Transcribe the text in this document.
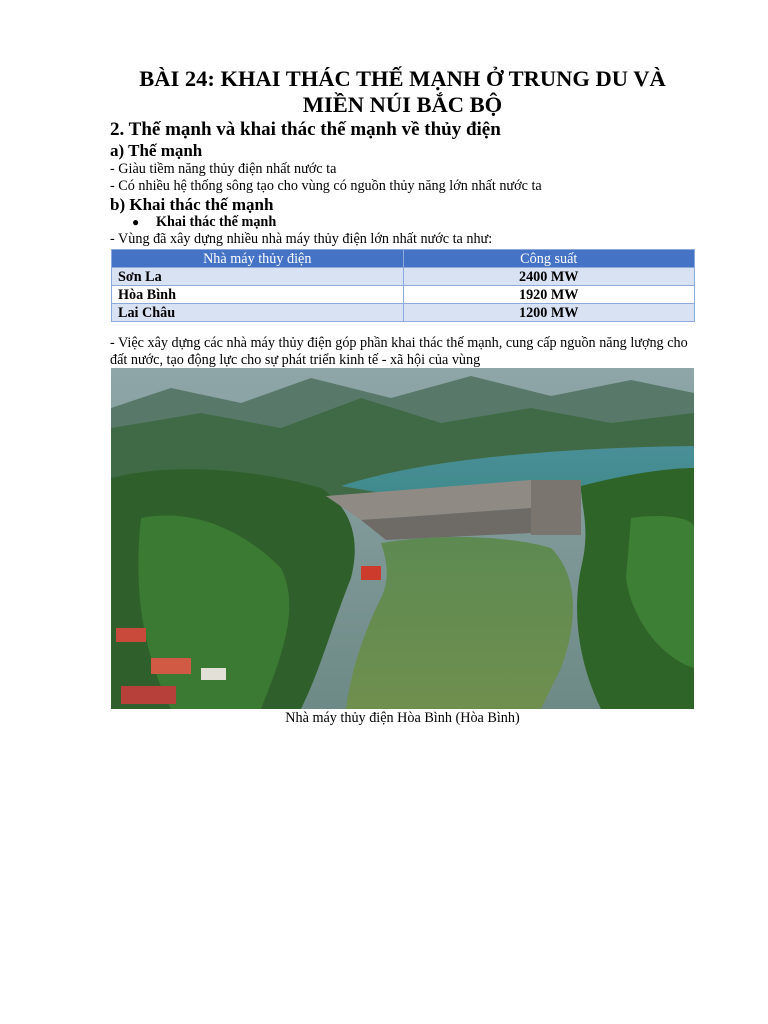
BÀI 24: KHAI THÁC THẾ MẠNH Ở TRUNG DU VÀ MIỀN NÚI BẮC BỘ
2. Thế mạnh và khai thác thế mạnh về thủy điện
a) Thế mạnh
- Giàu tiềm năng thủy điện nhất nước ta
- Có nhiều hệ thống sông tạo cho vùng có nguồn thủy năng lớn nhất nước ta
b) Khai thác thế mạnh
● Khai thác thế mạnh
- Vùng đã xây dựng nhiều nhà máy thủy điện lớn nhất nước ta như:
Nhà máy thủy điện	Công suất
Sơn La	2400 MW
Hòa Bình	1920 MW
Lai Châu	1200 MW
- Việc xây dựng các nhà máy thủy điện góp phần khai thác thế mạnh, cung cấp nguồn năng lượng cho đất nước, tạo động lực cho sự phát triển kinh tế - xã hội của vùng
Nhà máy thủy điện Hòa Bình (Hòa Bình)
